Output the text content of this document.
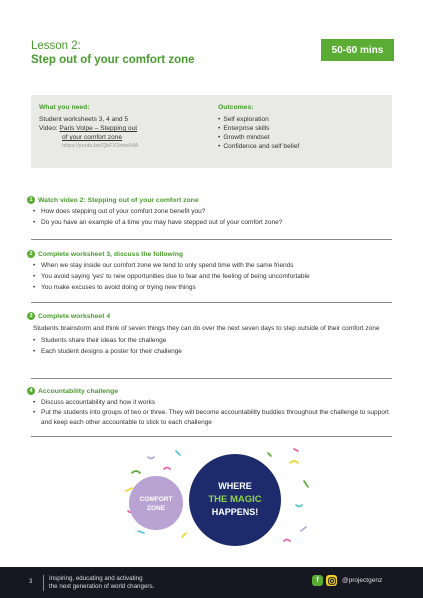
Lesson 2:
Step out of your comfort zone
50-60 mins
What you need:
Student worksheets 3, 4 and 5
Video: Paris Volpe – Stepping out
of your comfort zone
https://youtu.be/QbFX3mw64A
Outcomes:
• Self exploration
• Enterprise skills
• Growth mindset
• Confidence and self belief
1 Watch video 2: Stepping out of your comfort zone
• How does stepping out of your comfort zone benefit you?
• Do you have an example of a time you may have stepped out of your comfort zone?
2 Complete worksheet 3, discuss the following
• When we stay inside our comfort zone we tend to only spend time with the same friends
• You avoid saying 'yes' to new opportunities due to fear and the feeling of being uncomfortable
• You make excuses to avoid doing or trying new things
3 Complete worksheet 4
Students brainstorm and think of seven things they can do over the next seven days to step outside of their comfort zone
• Students share their ideas for the challenge
• Each student designs a poster for their challenge
4 Accountability challenge
• Discuss accountability and how it works
• Put the students into groups of two or three. They will become accountability buddies throughout the challenge to support and keep each other accountable to stick to each challenge
COMFORT
ZONE
WHERE
THE MAGIC
HAPPENS!
3	Inspiring, educating and activating
the next generation of world changers.
f	@projectgenz
